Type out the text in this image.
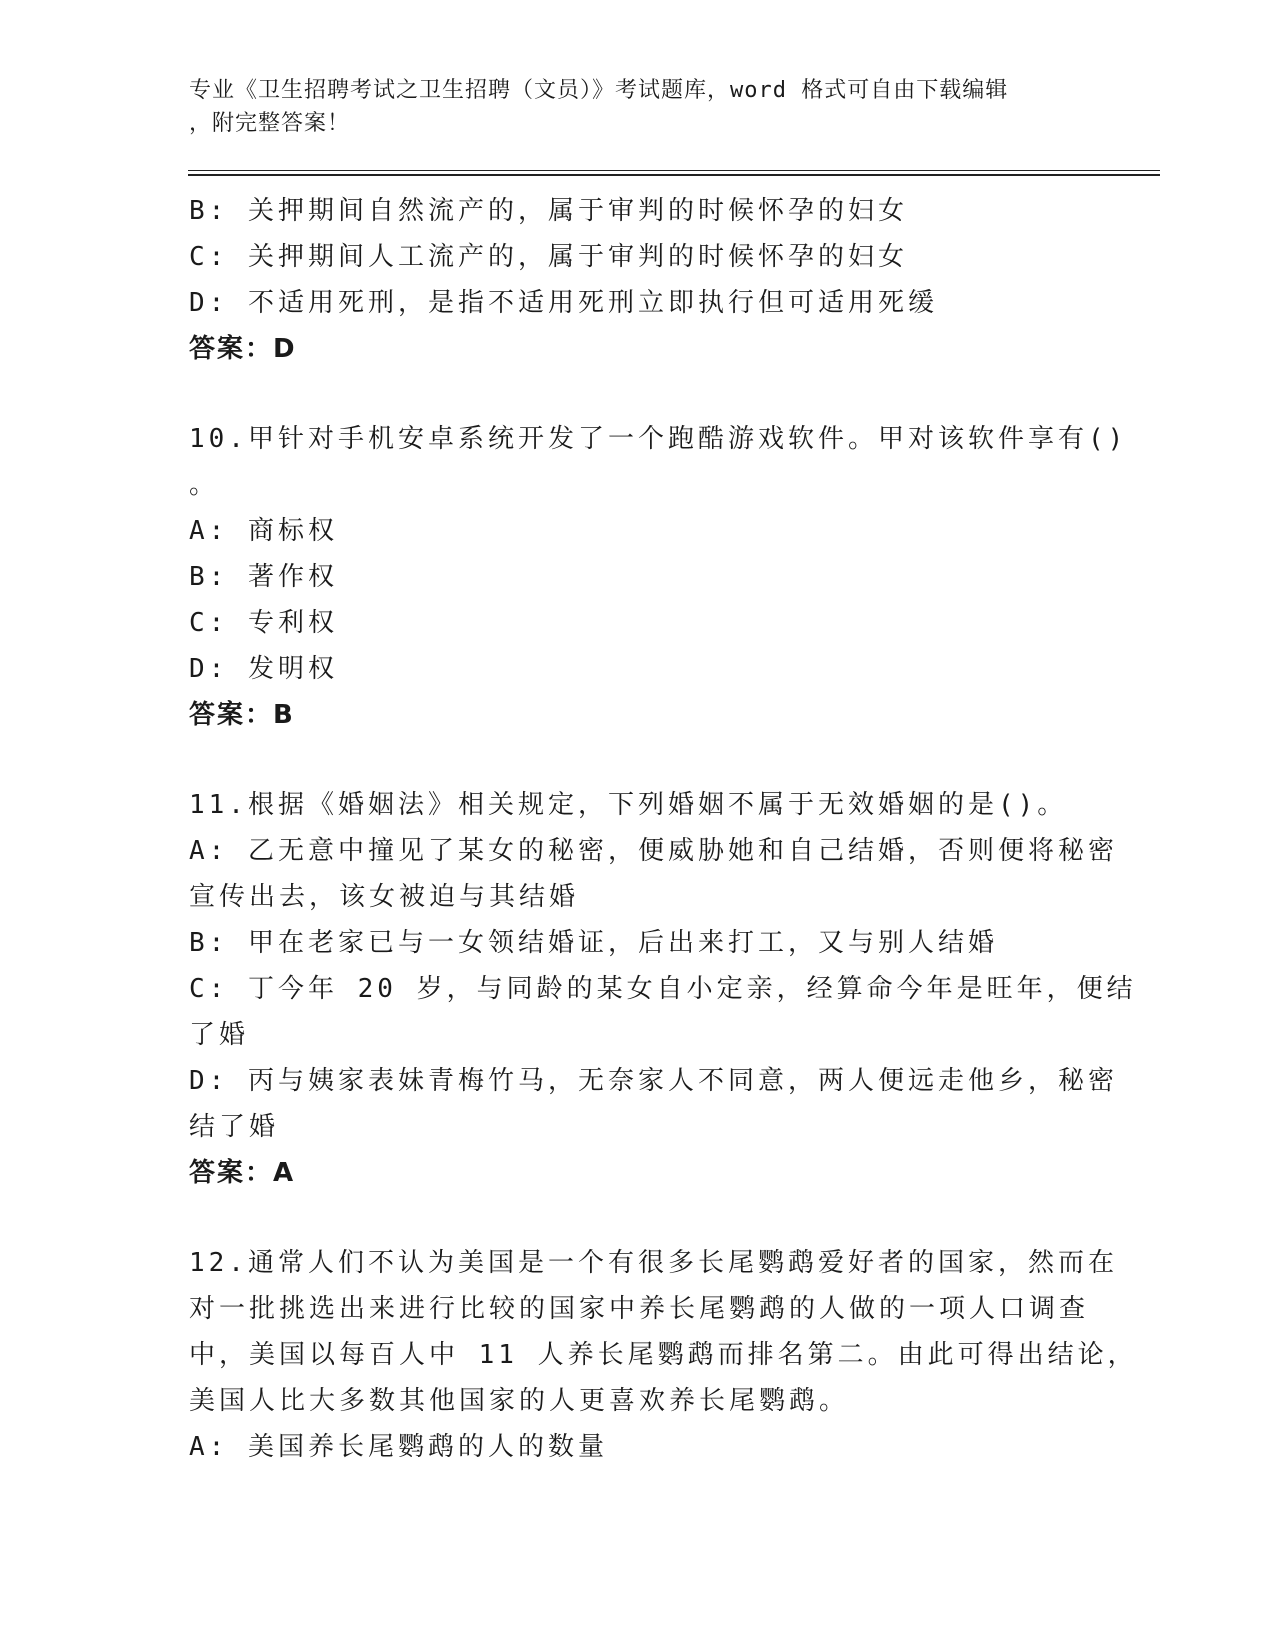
专业《卫生招聘考试之卫生招聘（文员）》考试题库，word 格式可自由下载编辑
，附完整答案！
B: 关押期间自然流产的，属于审判的时候怀孕的妇女
C: 关押期间人工流产的，属于审判的时候怀孕的妇女
D: 不适用死刑，是指不适用死刑立即执行但可适用死缓
答案：D
10.甲针对手机安卓系统开发了一个跑酷游戏软件。甲对该软件享有()
。
A: 商标权
B: 著作权
C: 专利权
D: 发明权
答案：B
11.根据《婚姻法》相关规定，下列婚姻不属于无效婚姻的是()。
A: 乙无意中撞见了某女的秘密，便威胁她和自己结婚，否则便将秘密
宣传出去，该女被迫与其结婚
B: 甲在老家已与一女领结婚证，后出来打工，又与别人结婚
C: 丁今年 20 岁，与同龄的某女自小定亲，经算命今年是旺年，便结
了婚
D: 丙与姨家表妹青梅竹马，无奈家人不同意，两人便远走他乡，秘密
结了婚
答案：A
12.通常人们不认为美国是一个有很多长尾鹦鹉爱好者的国家，然而在
对一批挑选出来进行比较的国家中养长尾鹦鹉的人做的一项人口调查
中，美国以每百人中 11 人养长尾鹦鹉而排名第二。由此可得出结论，
美国人比大多数其他国家的人更喜欢养长尾鹦鹉。
A: 美国养长尾鹦鹉的人的数量
